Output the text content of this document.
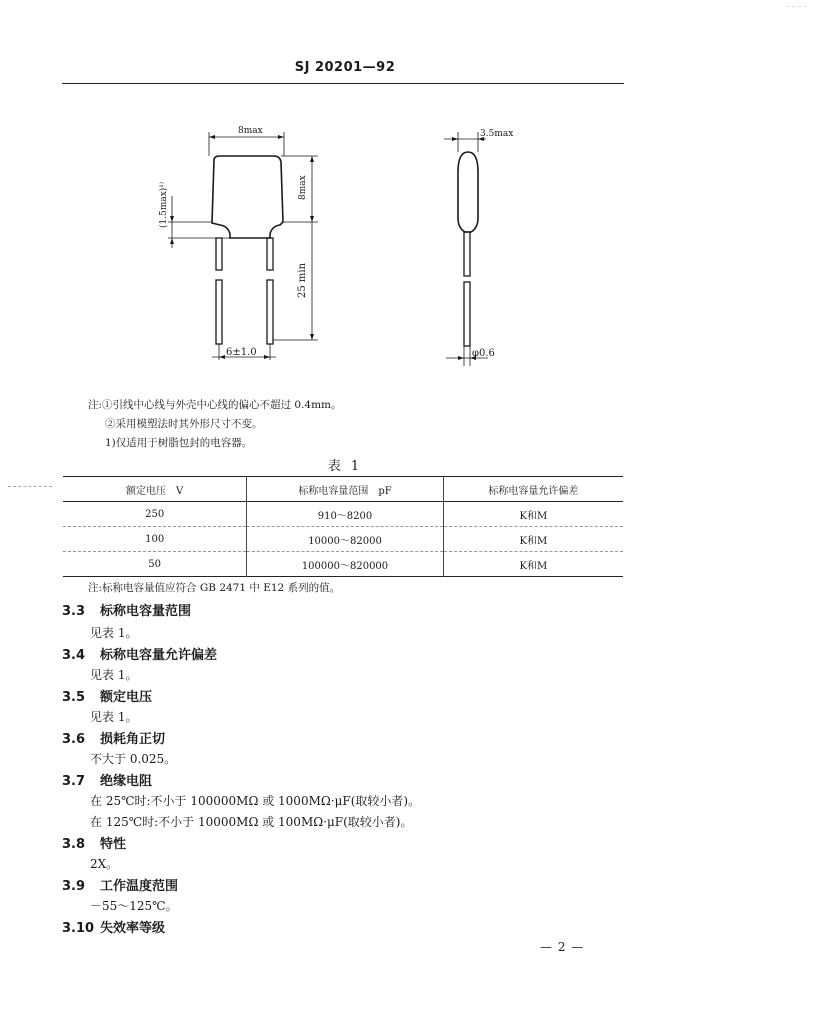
·· ·· ·· ··
SJ 20201—92
8max
8max
(1.5max)¹⁾
25 min
6±1.0
3.5max
φ0.6
注:①引线中心线与外壳中心线的偏心不超过 0.4mm。
②采用模塑法时其外形尺寸不变。
1)仅适用于树脂包封的电容器。
表 1
额定电压　V	标称电容量范围　pF	标称电容量允许偏差
250	910～8200	K和M
100	10000～82000	K和M
50	100000～820000	K和M
注:标称电容量值应符合 GB 2471 中 E12 系列的值。
3.3 标称电容量范围
见表 1。
3.4 标称电容量允许偏差
见表 1。
3.5 额定电压
见表 1。
3.6 损耗角正切
不大于 0.025。
3.7 绝缘电阻
在 25℃时:不小于 100000MΩ 或 1000MΩ·μF(取较小者)。
在 125℃时:不小于 10000MΩ 或 100MΩ·μF(取较小者)。
3.8 特性
2X。
3.9 工作温度范围
－55～125℃。
3.10 失效率等级
— 2 —
